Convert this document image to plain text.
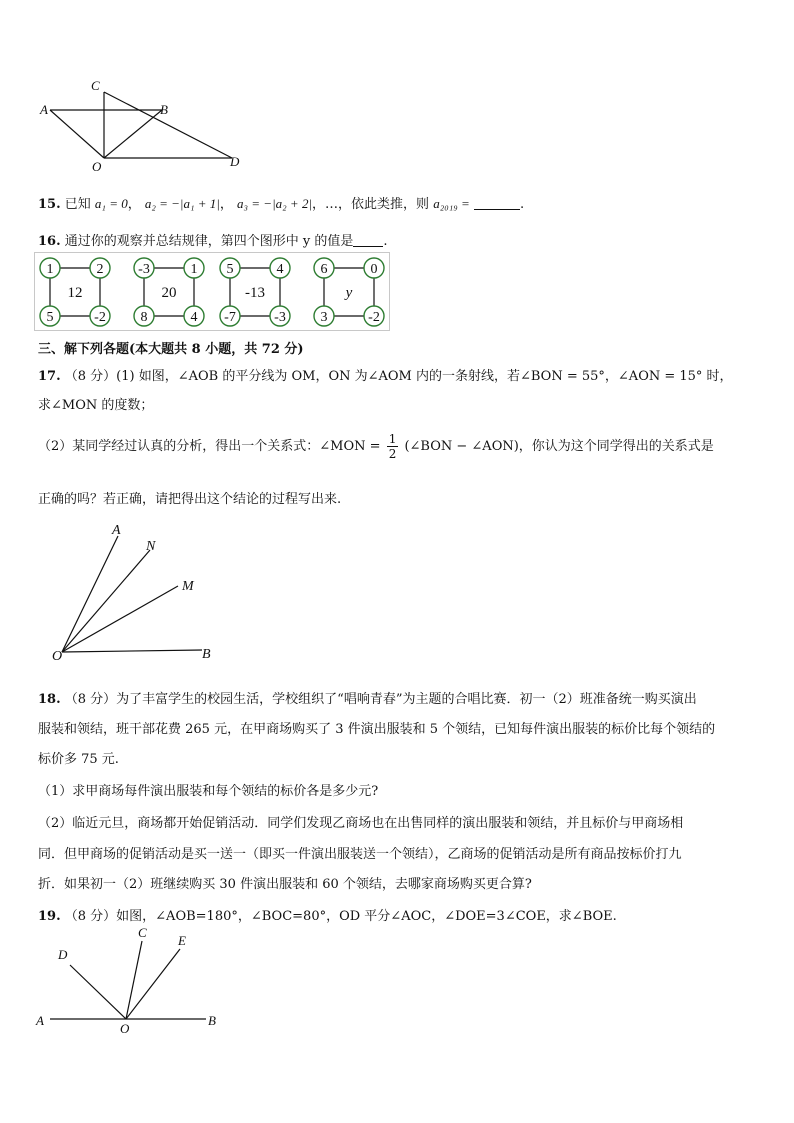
C
A	B
O	D
15. 已知 a₁ = 0， a₂ = −|a₁ + 1|， a₃ = −|a₂ + 2|，…，依此类推，则 a₂₀₁₉ =	.
16. 通过你的观察并总结规律，第四个图形中 y 的值是 .
1	2
5	-2
12
-3	1
8	4
20
5	4
-7	-3
-13
6	0
3	-2
y
三、解下列各题(本大题共 8 小题，共 72 分)
17. （8 分）(1) 如图，∠AOB 的平分线为 OM，ON 为∠AOM 内的一条射线，若∠BON = 55°，∠AON = 15° 时，
求∠MON 的度数；
（2）某同学经过认真的分析，得出一个关系式：∠MON = $\frac{1}{2}$ (∠BON − ∠AON)，你认为这个同学得出的关系式是
正确的吗？若正确，请把得出这个结论的过程写出来.
A
N
M
O	B
18. （8 分）为了丰富学生的校园生活，学校组织了“唱响青春”为主题的合唱比赛．初一（2）班准备统一购买演出
服装和领结，班干部花费 265 元，在甲商场购买了 3 件演出服装和 5 个领结，已知每件演出服装的标价比每个领结的
标价多 75 元.
（1）求甲商场每件演出服装和每个领结的标价各是多少元?
（2）临近元旦，商场都开始促销活动．同学们发现乙商场也在出售同样的演出服装和领结，并且标价与甲商场相
同．但甲商场的促销活动是买一送一（即买一件演出服装送一个领结），乙商场的促销活动是所有商品按标价打九
折．如果初一（2）班继续购买 30 件演出服装和 60 个领结，去哪家商场购买更合算?
19. （8 分）如图，∠AOB=180°，∠BOC=80°，OD 平分∠AOC，∠DOE=3∠COE，求∠BOE.
D
C
E
A
O
B
